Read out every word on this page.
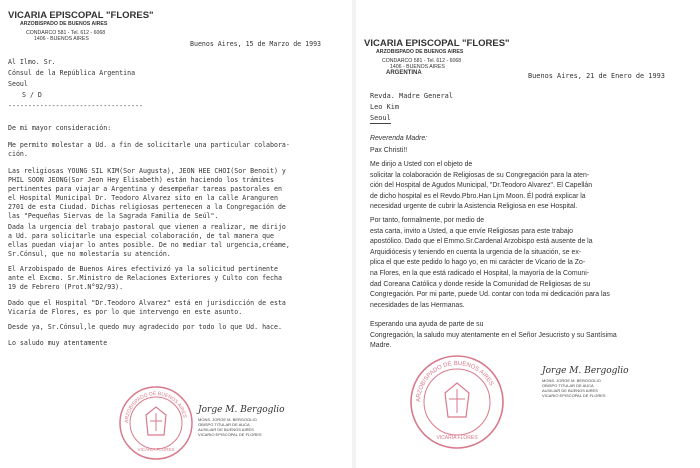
VICARIA EPISCOPAL "FLORES"
ARZOBISPADO DE BUENOS AIRES
CONDARCO 581 - Tel. 612 - 6068
1406 - BUENOS AIRES
Buenos Aires, 15 de Marzo de 1993
Al Ilmo. Sr.
Cónsul de la República Argentina
Seoul
S / D
----------------------------------
De mi mayor consideración:
Me permito molestar a Ud. a fin de solicitarle una particular colabora-
ción.
Las religiosas YOUNG SIL KIM(Sor Augusta), JEON HEE CHOI(Sor Benoit) y
PHIL SOON JEONG(Sor Jeon Hey Elisabeth) están haciendo los trámites
pertinentes para viajar a Argentina y desempeñar tareas pastorales en
el Hospital Municipal Dr. Teodoro Alvarez sito en la calle Aranguren
2701 de esta Ciudad. Dichas religiosas pertenecen a la Congregación de
las "Pequeñas Siervas de la Sagrada Familia de Seúl".
Dada la urgencia del trabajo pastoral que vienen a realizar, me dirijo
a Ud. para solicitarle una especial colaboración, de tal manera que
ellas puedan viajar lo antes posible. De no mediar tal urgencia,créame,
Sr.Cónsul, que no molestaría su atención.
El Arzobispado de Buenos Aires efectivizó ya la solicitud pertinente
ante el Excmo. Sr.Ministro de Relaciones Exteriores y Culto con fecha
19 de Febrero (Prot.N°92/93).
Dado que el Hospital "Dr.Teodoro Alvarez" está en jurisdicción de esta
Vicaría de Flores, es por lo que intervengo en este asunto.
Desde ya, Sr.Cónsul,le quedo muy agradecido por todo lo que Ud. hace.
Lo saludo muy atentamente
ARZOBISPADO DE BUENOS AIRES
VICARIA FLORES
Jorge M. Bergoglio
MONS. JORGE M. BERGOGLIO
OBISPO TITULAR DE AUCA
AUXILIAR DE BUENOS AIRES
VICARIO EPISCOPAL DE FLORES
VICARIA EPISCOPAL "FLORES"
ARZOBISPADO DE BUENOS AIRES
CONDARCO 581 - Tel. 612 - 6068
1406 - BUENOS AIRES
ARGENTINA	Buenos Aires, 21 de Enero de 1993
Revda. Madre General
Leo Kim
Seoul
Reverenda Madre:
Pax Christi!!
Me dirijo a Usted con el objeto de
solicitar la colaboración de Religiosas de su Congregación para la aten-
ción del Hospital de Agudos Municipal, "Dr.Teodoro Alvarez". El Capellán
de dicho hospital es el Revdo.Pbro.Han Ljm Moon. Él podrá explicar la
necesidad urgente de cubrir la Asistencia Religiosa en ese Hospital.
Por tanto, formalmente, por medio de
esta carta, invito a Usted, a que envíe Religiosas para este trabajo
apostólico. Dado que el Emmo.Sr.Cardenal Arzobispo está ausente de la
Arquidiócesis y teniendo en cuenta la urgencia de la situación, se ex-
plica el que este pedido lo hago yo, en mi carácter de Vicario de la Zo-
na Flores, en la que está radicado el Hospital, la mayoría de la Comuni-
dad Coreana Católica y donde reside la Comunidad de Religiosas de su
Congregación. Por mi parte, puede Ud. contar con toda mi dedicación para las
necesidades de las Hermanas.
Esperando una ayuda de parte de su
Congregación, la saludo muy atentamente en el Señor Jesucristo y su Santísima
Madre.
ARZOBISPADO DE BUENOS AIRES
VICARIA FLORES
Jorge M. Bergoglio
MONS. JORGE M. BERGOGLIO
OBISPO TITULAR DE AUCA
AUXILIAR DE BUENOS AIRES
VICARIO EPISCOPAL DE FLORES
